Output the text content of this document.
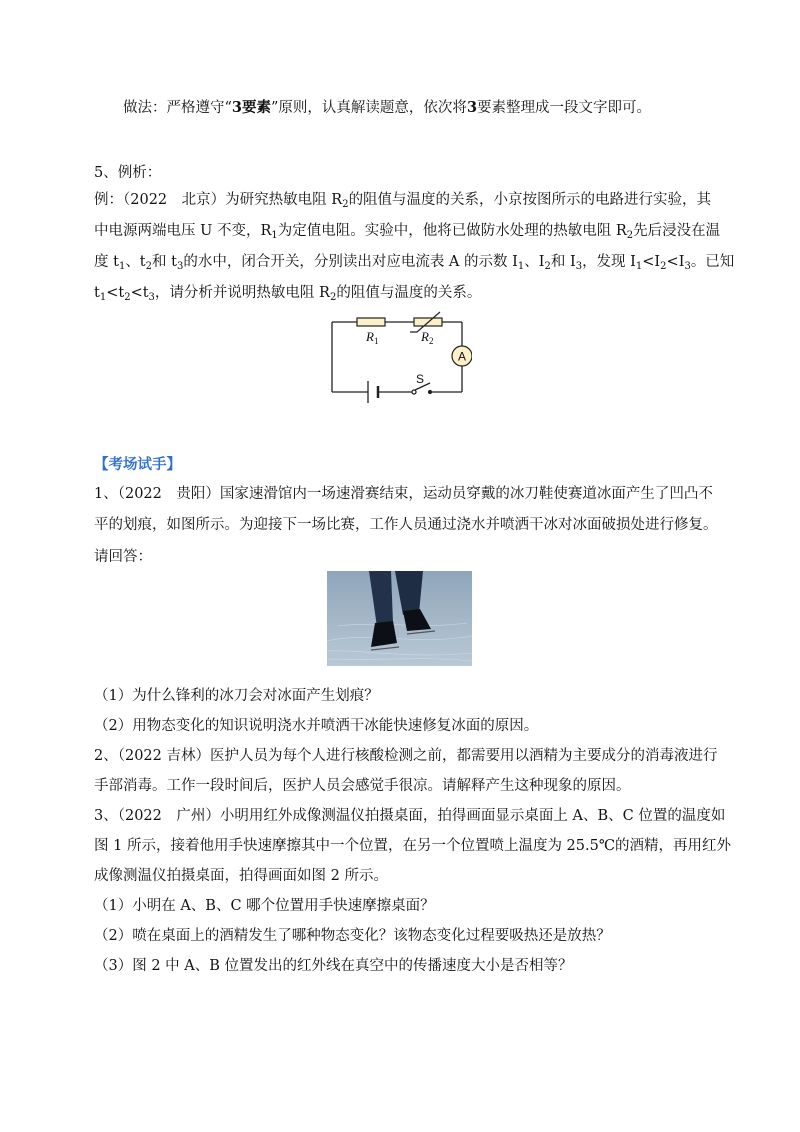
做法：严格遵守“3要素”原则，认真解读题意，依次将3要素整理成一段文字即可。
5、例析：
例：（2022　北京）为研究热敏电阻 $R_2$的阻值与温度的关系，小京按图所示的电路进行实验，其
中电源两端电压 U 不变，$R_1$为定值电阻。实验中，他将已做防水处理的热敏电阻 $R_2$先后浸没在温
度 $t_1$、$t_2$和 $t_3$的水中，闭合开关，分别读出对应电流表 A 的示数 $I_1$、$I_2$和 $I_3$，发现 $I_1<I_2<I_3$。已知
$t_1<t_2<t_3$，请分析并说明热敏电阻 $R_2$的阻值与温度的关系。
A
$R_1$	$R_2$
S
【考场试手】
1、（2022　贵阳）国家速滑馆内一场速滑赛结束，运动员穿戴的冰刀鞋使赛道冰面产生了凹凸不
平的划痕，如图所示。为迎接下一场比赛，工作人员通过浇水并喷洒干冰对冰面破损处进行修复。
请回答：
（1）为什么锋利的冰刀会对冰面产生划痕？
（2）用物态变化的知识说明浇水并喷洒干冰能快速修复冰面的原因。
2、（2022 吉林）医护人员为每个人进行核酸检测之前，都需要用以酒精为主要成分的消毒液进行
手部消毒。工作一段时间后，医护人员会感觉手很凉。请解释产生这种现象的原因。
3、（2022　广州）小明用红外成像测温仪拍摄桌面，拍得画面显示桌面上 A、B、C 位置的温度如
图 1 所示，接着他用手快速摩擦其中一个位置，在另一个位置喷上温度为 25.5℃的酒精，再用红外
成像测温仪拍摄桌面，拍得画面如图 2 所示。
（1）小明在 A、B、C 哪个位置用手快速摩擦桌面？
（2）喷在桌面上的酒精发生了哪种物态变化？该物态变化过程要吸热还是放热？
（3）图 2 中 A、B 位置发出的红外线在真空中的传播速度大小是否相等？
